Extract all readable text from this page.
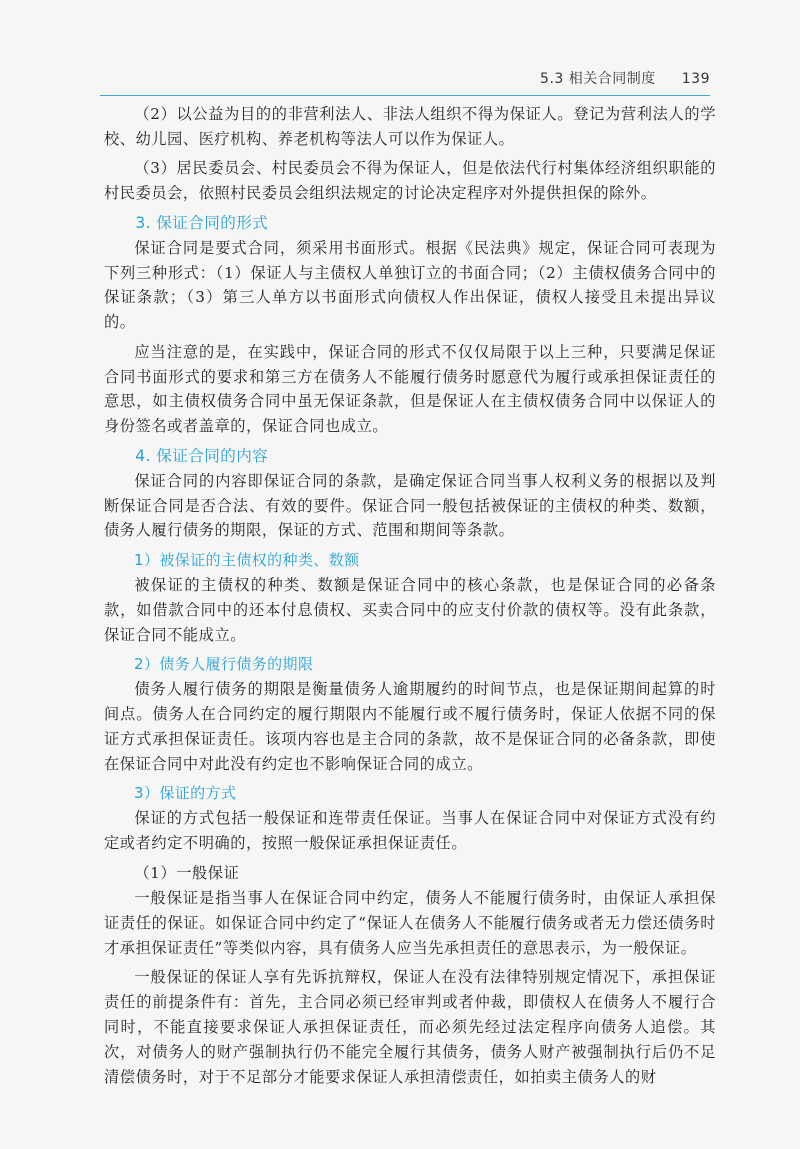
5.3 相关合同制度 139

（2）以公益为目的的非营利法人、非法人组织不得为保证人。登记为营利法人的学校、幼儿园、医疗机构、养老机构等法人可以作为保证人。

（3）居民委员会、村民委员会不得为保证人，但是依法代行村集体经济组织职能的村民委员会，依照村民委员会组织法规定的讨论决定程序对外提供担保的除外。

3. 保证合同的形式

保证合同是要式合同，须采用书面形式。根据《民法典》规定，保证合同可表现为下列三种形式：（1）保证人与主债权人单独订立的书面合同；（2）主债权债务合同中的保证条款；（3）第三人单方以书面形式向债权人作出保证，债权人接受且未提出异议的。

应当注意的是，在实践中，保证合同的形式不仅仅局限于以上三种，只要满足保证合同书面形式的要求和第三方在债务人不能履行债务时愿意代为履行或承担保证责任的意思，如主债权债务合同中虽无保证条款，但是保证人在主债权债务合同中以保证人的身份签名或者盖章的，保证合同也成立。

4. 保证合同的内容

保证合同的内容即保证合同的条款，是确定保证合同当事人权利义务的根据以及判断保证合同是否合法、有效的要件。保证合同一般包括被保证的主债权的种类、数额，债务人履行债务的期限，保证的方式、范围和期间等条款。

1）被保证的主债权的种类、数额

被保证的主债权的种类、数额是保证合同中的核心条款，也是保证合同的必备条款，如借款合同中的还本付息债权、买卖合同中的应支付价款的债权等。没有此条款，保证合同不能成立。

2）债务人履行债务的期限

债务人履行债务的期限是衡量债务人逾期履约的时间节点，也是保证期间起算的时间点。债务人在合同约定的履行期限内不能履行或不履行债务时，保证人依据不同的保证方式承担保证责任。该项内容也是主合同的条款，故不是保证合同的必备条款，即使在保证合同中对此没有约定也不影响保证合同的成立。

3）保证的方式

保证的方式包括一般保证和连带责任保证。当事人在保证合同中对保证方式没有约定或者约定不明确的，按照一般保证承担保证责任。

（1）一般保证

一般保证是指当事人在保证合同中约定，债务人不能履行债务时，由保证人承担保证责任的保证。如保证合同中约定了“保证人在债务人不能履行债务或者无力偿还债务时才承担保证责任”等类似内容，具有债务人应当先承担责任的意思表示，为一般保证。

一般保证的保证人享有先诉抗辩权，保证人在没有法律特别规定情况下，承担保证责任的前提条件有：首先，主合同必须已经审判或者仲裁，即债权人在债务人不履行合同时，不能直接要求保证人承担保证责任，而必须先经过法定程序向债务人追偿。其次，对债务人的财产强制执行仍不能完全履行其债务，债务人财产被强制执行后仍不足清偿债务时，对于不足部分才能要求保证人承担清偿责任，如拍卖主债务人的财
